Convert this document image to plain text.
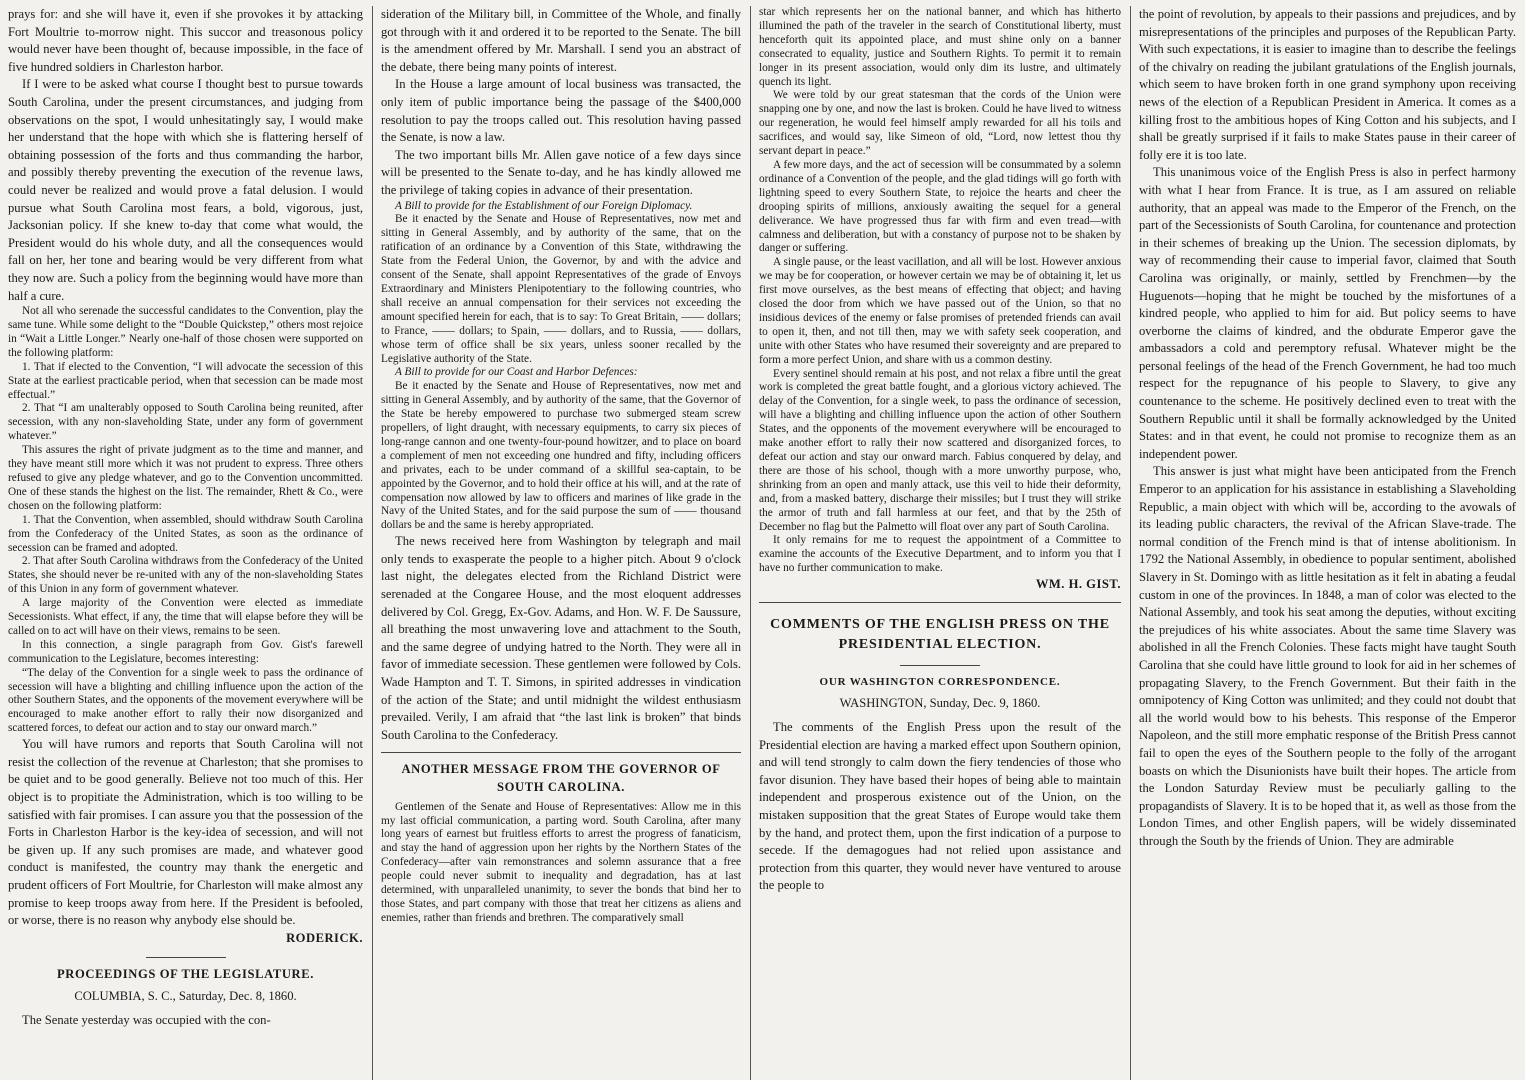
prays for: and she will have it, even if she provokes it by attacking Fort Moultrie to-morrow night. This succor and treasonous policy would never have been thought of, because impossible, in the face of five hundred soldiers in Charleston harbor.

If I were to be asked what course I thought best to pursue towards South Carolina, under the present circumstances, and judging from observations on the spot, I would unhesitatingly say, I would make her understand that the hope with which she is flattering herself of obtaining possession of the forts and thus commanding the harbor, and possibly thereby preventing the execution of the revenue laws, could never be realized and would prove a fatal delusion. I would pursue what South Carolina most fears, a bold, vigorous, just, Jacksonian policy. If she knew to-day that come what would, the President would do his whole duty, and all the consequences would fall on her, her tone and bearing would be very different from what they now are. Such a policy from the beginning would have more than half a cure.

Not all who serenade the successful candidates to the Convention, play the same tune. While some delight to the “Double Quickstep,” others most rejoice in “Wait a Little Longer.” Nearly one-half of those chosen were supported on the following platform:

1. That if elected to the Convention, “I will advocate the secession of this State at the earliest practicable period, when that secession can be made most effectual.”

2. That “I am unalterably opposed to South Carolina being reunited, after secession, with any non-slaveholding State, under any form of government whatever.”

This assures the right of private judgment as to the time and manner, and they have meant still more which it was not prudent to express. Three others refused to give any pledge whatever, and go to the Convention uncommitted. One of these stands the highest on the list. The remainder, Rhett & Co., were chosen on the following platform:

1. That the Convention, when assembled, should withdraw South Carolina from the Confederacy of the United States, as soon as the ordinance of secession can be framed and adopted.

2. That after South Carolina withdraws from the Confederacy of the United States, she should never be re-united with any of the non-slaveholding States of this Union in any form of government whatever.

A large majority of the Convention were elected as immediate Secessionists. What effect, if any, the time that will elapse before they will be called on to act will have on their views, remains to be seen.

In this connection, a single paragraph from Gov. Gist's farewell communication to the Legislature, becomes interesting:

“The delay of the Convention for a single week to pass the ordinance of secession will have a blighting and chilling influence upon the action of the other Southern States, and the opponents of the movement everywhere will be encouraged to make another effort to rally their now disorganized and scattered forces, to defeat our action and to stay our onward march.”

You will have rumors and reports that South Carolina will not resist the collection of the revenue at Charleston; that she promises to be quiet and to be good generally. Believe not too much of this. Her object is to propitiate the Administration, which is too willing to be satisfied with fair promises. I can assure you that the possession of the Forts in Charleston Harbor is the key-idea of secession, and will not be given up. If any such promises are made, and whatever good conduct is manifested, the country may thank the energetic and prudent officers of Fort Moultrie, for Charleston will make almost any promise to keep troops away from here. If the President is befooled, or worse, there is no reason why anybody else should be.

RODERICK.
PROCEEDINGS OF THE LEGISLATURE.
COLUMBIA, S. C., Saturday, Dec. 8, 1860.

The Senate yesterday was occupied with the con-

sideration of the Military bill, in Committee of the Whole, and finally got through with it and ordered it to be reported to the Senate. The bill is the amendment offered by Mr. Marshall. I send you an abstract of the debate, there being many points of interest.

In the House a large amount of local business was transacted, the only item of public importance being the passage of the $400,000 resolution to pay the troops called out. This resolution having passed the Senate, is now a law.

The two important bills Mr. Allen gave notice of a few days since will be presented to the Senate to-day, and he has kindly allowed me the privilege of taking copies in advance of their presentation.

A Bill to provide for the Establishment of our Foreign Diplomacy.

Be it enacted by the Senate and House of Representatives, now met and sitting in General Assembly, and by authority of the same, that on the ratification of an ordinance by a Convention of this State, withdrawing the State from the Federal Union, the Governor, by and with the advice and consent of the Senate, shall appoint Representatives of the grade of Envoys Extraordinary and Ministers Plenipotentiary to the following countries, who shall receive an annual compensation for their services not exceeding the amount specified herein for each, that is to say: To Great Britain, —— dollars; to France, —— dollars; to Spain, —— dollars, and to Russia, —— dollars, whose term of office shall be six years, unless sooner recalled by the Legislative authority of the State.

A Bill to provide for our Coast and Harbor Defences:

Be it enacted by the Senate and House of Representatives, now met and sitting in General Assembly, and by authority of the same, that the Governor of the State be hereby empowered to purchase two submerged steam screw propellers, of light draught, with necessary equipments, to carry six pieces of long-range cannon and one twenty-four-pound howitzer, and to place on board a complement of men not exceeding one hundred and fifty, including officers and privates, each to be under command of a skillful sea-captain, to be appointed by the Governor, and to hold their office at his will, and at the rate of compensation now allowed by law to officers and marines of like grade in the Navy of the United States, and for the said purpose the sum of —— thousand dollars be and the same is hereby appropriated.

The news received here from Washington by telegraph and mail only tends to exasperate the people to a higher pitch. About 9 o'clock last night, the delegates elected from the Richland District were serenaded at the Congaree House, and the most eloquent addresses delivered by Col. Gregg, Ex-Gov. Adams, and Hon. W. F. De Saussure, all breathing the most unwavering love and attachment to the South, and the same degree of undying hatred to the North. They were all in favor of immediate secession. These gentlemen were followed by Cols. Wade Hampton and T. T. Simons, in spirited addresses in vindication of the action of the State; and until midnight the wildest enthusiasm prevailed. Verily, I am afraid that “the last link is broken” that binds South Carolina to the Confederacy.

ANOTHER MESSAGE FROM THE GOVERNOR OF SOUTH CAROLINA.

Gentlemen of the Senate and House of Representatives: Allow me in this my last official communication, a parting word. South Carolina, after many long years of earnest but fruitless efforts to arrest the progress of fanaticism, and stay the hand of aggression upon her rights by the Northern States of the Confederacy—after vain remonstrances and solemn assurance that a free people could never submit to inequality and degradation, has at last determined, with unparalleled unanimity, to sever the bonds that bind her to those States, and part company with those that treat her citizens as aliens and enemies, rather than friends and brethren. The comparatively small

star which represents her on the national banner, and which has hitherto illumined the path of the traveler in the search of Constitutional liberty, must henceforth quit its appointed place, and must shine only on a banner consecrated to equality, justice and Southern Rights. To permit it to remain longer in its present association, would only dim its lustre, and ultimately quench its light.

We were told by our great statesman that the cords of the Union were snapping one by one, and now the last is broken. Could he have lived to witness our regeneration, he would feel himself amply rewarded for all his toils and sacrifices, and would say, like Simeon of old, “Lord, now lettest thou thy servant depart in peace.”

A few more days, and the act of secession will be consummated by a solemn ordinance of a Convention of the people, and the glad tidings will go forth with lightning speed to every Southern State, to rejoice the hearts and cheer the drooping spirits of millions, anxiously awaiting the sequel for a general deliverance. We have progressed thus far with firm and even tread—with calmness and deliberation, but with a constancy of purpose not to be shaken by danger or suffering.

A single pause, or the least vacillation, and all will be lost. However anxious we may be for cooperation, or however certain we may be of obtaining it, let us first move ourselves, as the best means of effecting that object; and having closed the door from which we have passed out of the Union, so that no insidious devices of the enemy or false promises of pretended friends can avail to open it, then, and not till then, may we with safety seek cooperation, and unite with other States who have resumed their sovereignty and are prepared to form a more perfect Union, and share with us a common destiny.

Every sentinel should remain at his post, and not relax a fibre until the great work is completed the great battle fought, and a glorious victory achieved. The delay of the Convention, for a single week, to pass the ordinance of secession, will have a blighting and chilling influence upon the action of other Southern States, and the opponents of the movement everywhere will be encouraged to make another effort to rally their now scattered and disorganized forces, to defeat our action and stay our onward march. Fabius conquered by delay, and there are those of his school, though with a more unworthy purpose, who, shrinking from an open and manly attack, use this veil to hide their deformity, and, from a masked battery, discharge their missiles; but I trust they will strike the armor of truth and fall harmless at our feet, and that by the 25th of December no flag but the Palmetto will float over any part of South Carolina.

It only remains for me to request the appointment of a Committee to examine the accounts of the Executive Department, and to inform you that I have no further communication to make.

WM. H. GIST.
COMMENTS OF THE ENGLISH PRESS ON THE PRESIDENTIAL ELECTION.
OUR WASHINGTON CORRESPONDENCE.
WASHINGTON, Sunday, Dec. 9, 1860.

The comments of the English Press upon the result of the Presidential election are having a marked effect upon Southern opinion, and will tend strongly to calm down the fiery tendencies of those who favor disunion. They have based their hopes of being able to maintain independent and prosperous existence out of the Union, on the mistaken supposition that the great States of Europe would take them by the hand, and protect them, upon the first indication of a purpose to secede. If the demagogues had not relied upon assistance and protection from this quarter, they would never have ventured to arouse the people to

the point of revolution, by appeals to their passions and prejudices, and by misrepresentations of the principles and purposes of the Republican Party. With such expectations, it is easier to imagine than to describe the feelings of the chivalry on reading the jubilant gratulations of the English journals, which seem to have broken forth in one grand symphony upon receiving news of the election of a Republican President in America. It comes as a killing frost to the ambitious hopes of King Cotton and his subjects, and I shall be greatly surprised if it fails to make States pause in their career of folly ere it is too late.

This unanimous voice of the English Press is also in perfect harmony with what I hear from France. It is true, as I am assured on reliable authority, that an appeal was made to the Emperor of the French, on the part of the Secessionists of South Carolina, for countenance and protection in their schemes of breaking up the Union. The secession diplomats, by way of recommending their cause to imperial favor, claimed that South Carolina was originally, or mainly, settled by Frenchmen—by the Huguenots—hoping that he might be touched by the misfortunes of a kindred people, who applied to him for aid. But policy seems to have overborne the claims of kindred, and the obdurate Emperor gave the ambassadors a cold and peremptory refusal. Whatever might be the personal feelings of the head of the French Government, he had too much respect for the repugnance of his people to Slavery, to give any countenance to the scheme. He positively declined even to treat with the Southern Republic until it shall be formally acknowledged by the United States: and in that event, he could not promise to recognize them as an independent power.

This answer is just what might have been anticipated from the French Emperor to an application for his assistance in establishing a Slaveholding Republic, a main object with which will be, according to the avowals of its leading public characters, the revival of the African Slave-trade. The normal condition of the French mind is that of intense abolitionism. In 1792 the National Assembly, in obedience to popular sentiment, abolished Slavery in St. Domingo with as little hesitation as it felt in abating a feudal custom in one of the provinces. In 1848, a man of color was elected to the National Assembly, and took his seat among the deputies, without exciting the prejudices of his white associates. About the same time Slavery was abolished in all the French Colonies. These facts might have taught South Carolina that she could have little ground to look for aid in her schemes of propagating Slavery, to the French Government. But their faith in the omnipotency of King Cotton was unlimited; and they could not doubt that all the world would bow to his behests. This response of the Emperor Napoleon, and the still more emphatic response of the British Press cannot fail to open the eyes of the Southern people to the folly of the arrogant boasts on which the Disunionists have built their hopes. The article from the London Saturday Review must be peculiarly galling to the propagandists of Slavery. It is to be hoped that it, as well as those from the London Times, and other English papers, will be widely disseminated through the South by the friends of Union. They are admirable
